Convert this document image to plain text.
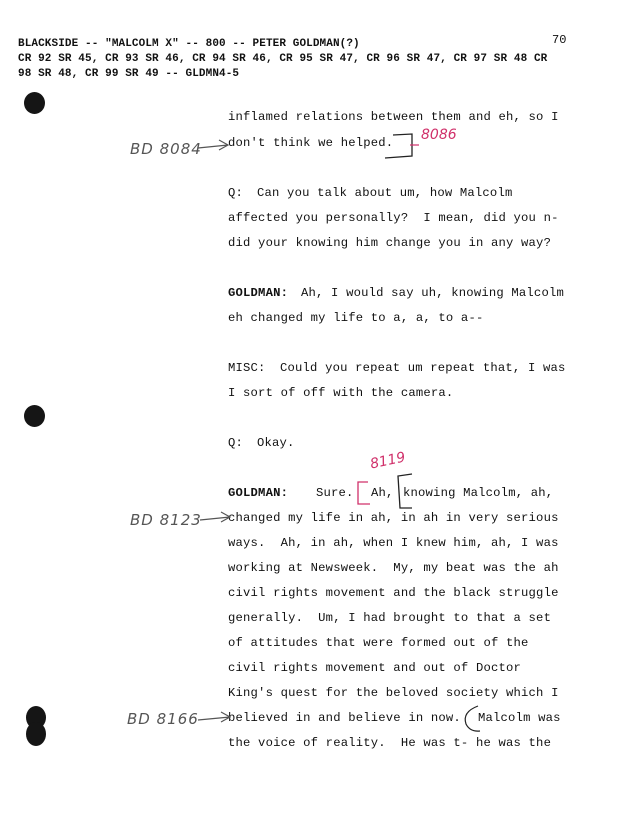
BLACKSIDE -- "MALCOLM X" -- 800 -- PETER GOLDMAN(?)
CR 92 SR 45, CR 93 SR 46, CR 94 SR 46, CR 95 SR 47, CR 96 SR 47, CR 97 SR 48 CR
98 SR 48, CR 99 SR 49 -- GLDMN4-5
70
inflamed relations between them and eh, so I
don't think we helped.
Q: Can you talk about um, how Malcolm
affected you personally?  I mean, did you n-
did your knowing him change you in any way?
GOLDMAN: Ah, I would say uh, knowing Malcolm
eh changed my life to a, a, to a--
MISC: Could you repeat um repeat that, I was
I sort of off with the camera.
Q: Okay.
GOLDMAN: Sure. Ah, knowing Malcolm, ah,
changed my life in ah, in ah in very serious
ways.  Ah, in ah, when I knew him, ah, I was
working at Newsweek.  My, my beat was the ah
civil rights movement and the black struggle
generally.  Um, I had brought to that a set
of attitudes that were formed out of the
civil rights movement and out of Doctor
King's quest for the beloved society which I
believed in and believe in now. Malcolm was
the voice of reality.  He was t- he was the
BD 8084
8086
8119
BD 8123
BD 8166
